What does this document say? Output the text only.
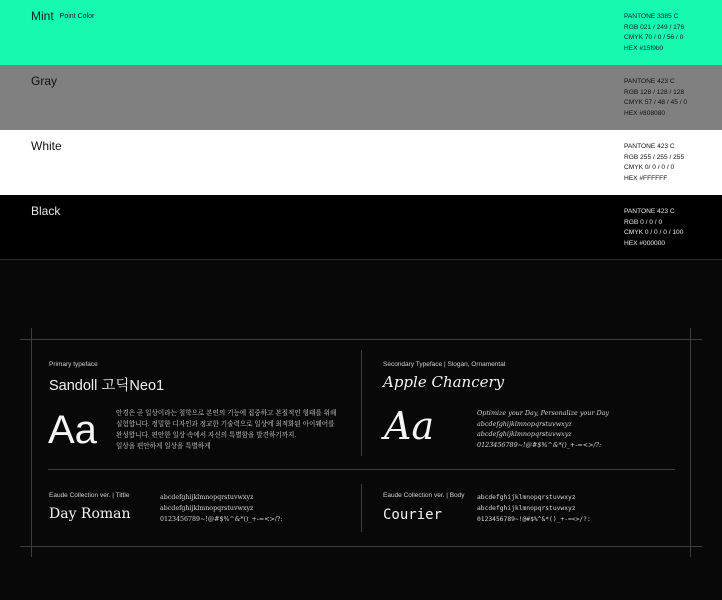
Mint Point Color	PANTONE 3385 C
RGB 021 / 249 / 176
CMYK 70 / 0 / 56 / 0
HEX #15f9b0
Gray	PANTONE 423 C
RGB 128 / 128 / 128
CMYK 57 / 48 / 45 / 0
HEX #808080
White	PANTONE 423 C
RGB 255 / 255 / 255
CMYK 0/ 0 / 0 / 0
HEX #FFFFFF
Black	PANTONE 423 C
RGB 0 / 0 / 0
CMYK 0 / 0 / 0 / 100
HEX #000000
Primary typeface
Sandoll 고딕Neo1
Aa	안경은 곧 일상이라는 철학으로 본연의 기능에 집중하고 본질적인 형태를 위해
실험합니다. 정밀한 디자인과 정교한 기술력으로 일상에 최적화된 아이웨어를
완성합니다. 편안한 일상 속에서 자신의 특별함을 발견하기까지.
일상을 편안하게 일상을 특별하게
Secondary Typeface | Slogan, Ornamental
Apple Chancery
Aa	Optimize your Day, Personalize your Day
abcdefghijklmnopqrstuvwxyz
abcdefghijklmnopqrstuvwxyz
0123456789~!@#$%^&*()_+-=<>/?:
Eaude Collection ver. | Tittle
Day Roman
abcdefghijklmnopqrstuvwxyz
abcdefghijklmnopqrstuvwxyz
0123456789~!@#$%^&*()_+-=<>/?:
Eaude Collection ver. | Body
Courier
abcdefghijklmnopqrstuvwxyz
abcdefghijklmnopqrstuvwxyz
0123456789~!@#$%^&*()_+-=<>/?:
